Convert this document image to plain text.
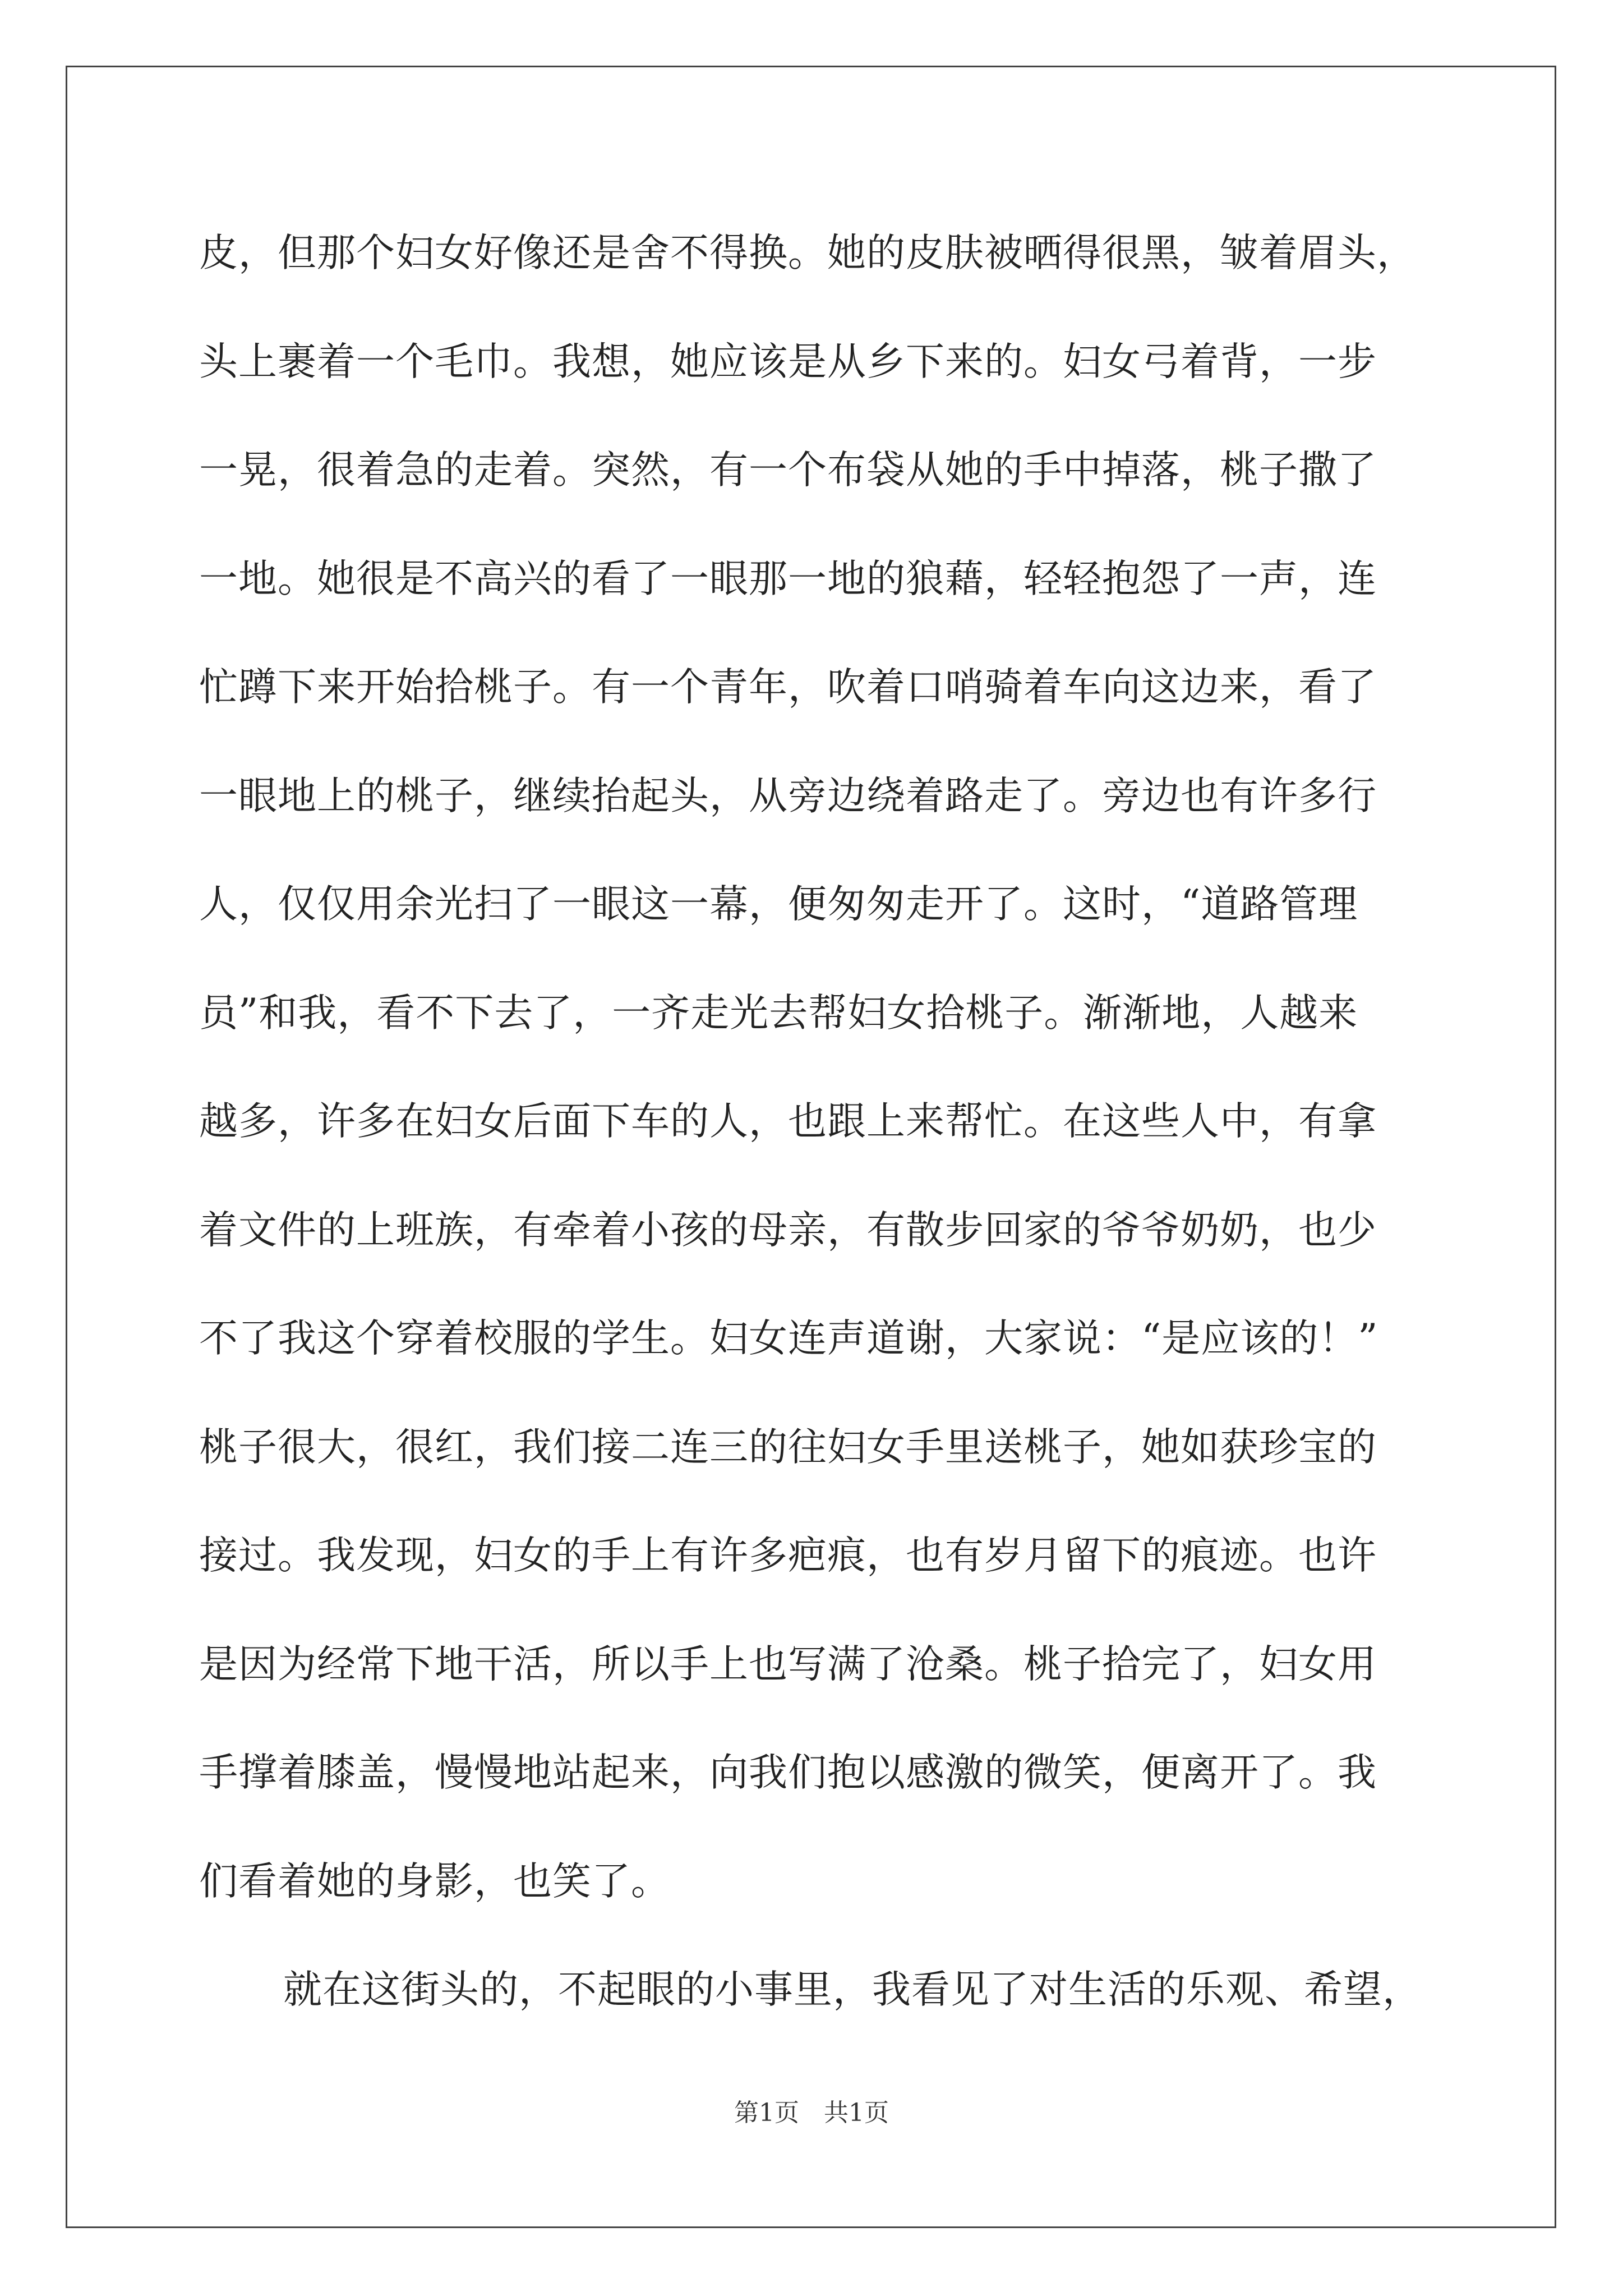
皮，但那个妇女好像还是舍不得换。她的皮肤被晒得很黑，皱着眉头，
头上裹着一个毛巾。我想，她应该是从乡下来的。妇女弓着背，一步
一晃，很着急的走着。突然，有一个布袋从她的手中掉落，桃子撒了
一地。她很是不高兴的看了一眼那一地的狼藉，轻轻抱怨了一声，连
忙蹲下来开始拾桃子。有一个青年，吹着口哨骑着车向这边来，看了
一眼地上的桃子，继续抬起头，从旁边绕着路走了。旁边也有许多行
人，仅仅用余光扫了一眼这一幕，便匆匆走开了。这时，“道路管理
员”和我，看不下去了，一齐走光去帮妇女拾桃子。渐渐地，人越来
越多，许多在妇女后面下车的人，也跟上来帮忙。在这些人中，有拿
着文件的上班族，有牵着小孩的母亲，有散步回家的爷爷奶奶，也少
不了我这个穿着校服的学生。妇女连声道谢，大家说：“是应该的！”
桃子很大，很红，我们接二连三的往妇女手里送桃子，她如获珍宝的
接过。我发现，妇女的手上有许多疤痕，也有岁月留下的痕迹。也许
是因为经常下地干活，所以手上也写满了沧桑。桃子拾完了，妇女用
手撑着膝盖，慢慢地站起来，向我们抱以感激的微笑，便离开了。我
们看着她的身影，也笑了。
就在这街头的，不起眼的小事里，我看见了对生活的乐观、希望，
第1页　共1页
